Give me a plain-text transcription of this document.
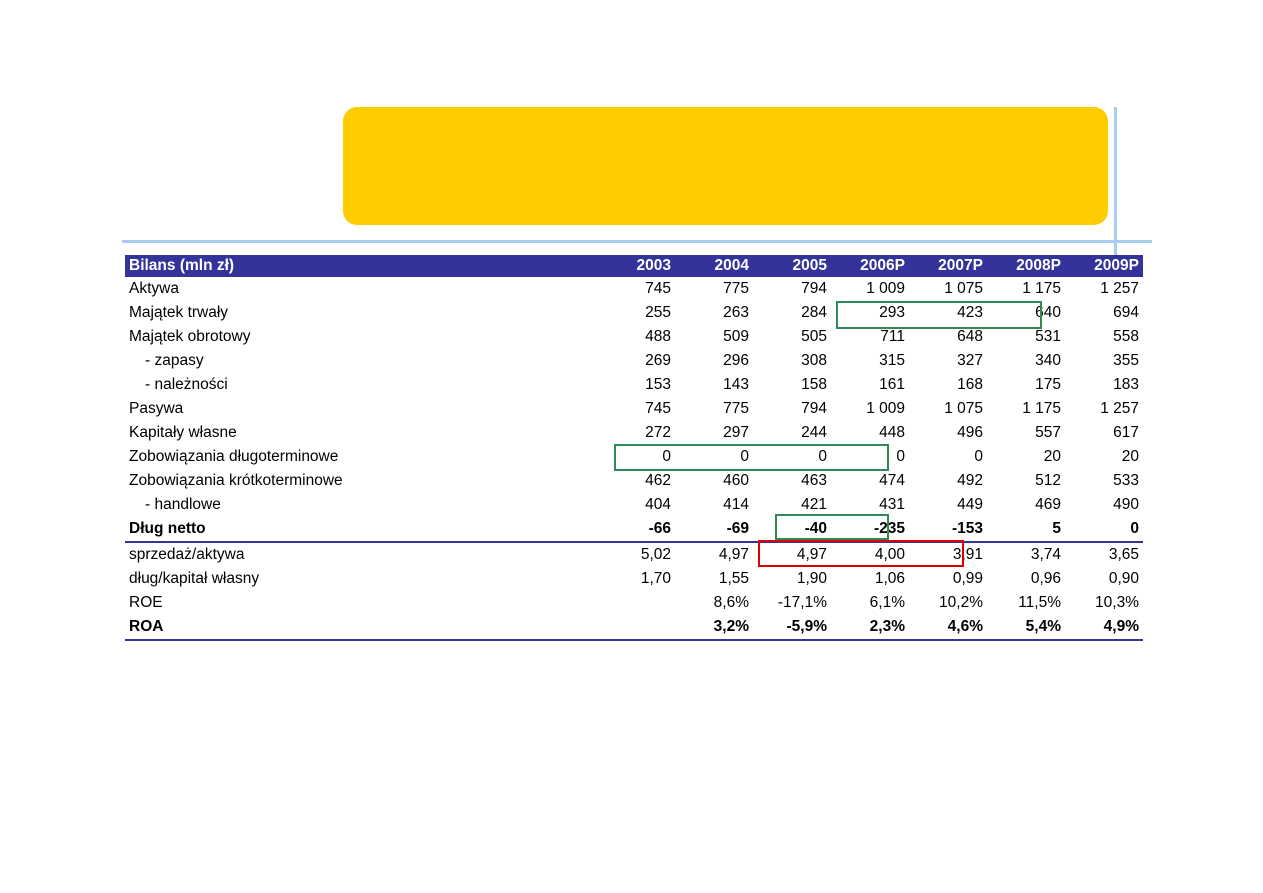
Bilans (mln zł)	2003	2004	2005	2006P	2007P	2008P	2009P
Aktywa	745	775	794	1 009	1 075	1 175	1 257
Majątek trwały	255	263	284	293	423	640	694
Majątek obrotowy	488	509	505	711	648	531	558
- zapasy	269	296	308	315	327	340	355
- należności	153	143	158	161	168	175	183
Pasywa	745	775	794	1 009	1 075	1 175	1 257
Kapitały własne	272	297	244	448	496	557	617
Zobowiązania długoterminowe	0	0	0	0	0	20	20
Zobowiązania krótkoterminowe	462	460	463	474	492	512	533
- handlowe	404	414	421	431	449	469	490
Dług netto	-66	-69	-40	-235	-153	5	0
sprzedaż/aktywa	5,02	4,97	4,97	4,00	3,91	3,74	3,65
dług/kapitał własny	1,70	1,55	1,90	1,06	0,99	0,96	0,90
ROE		8,6%	-17,1%	6,1%	10,2%	11,5%	10,3%
ROA		3,2%	-5,9%	2,3%	4,6%	5,4%	4,9%
